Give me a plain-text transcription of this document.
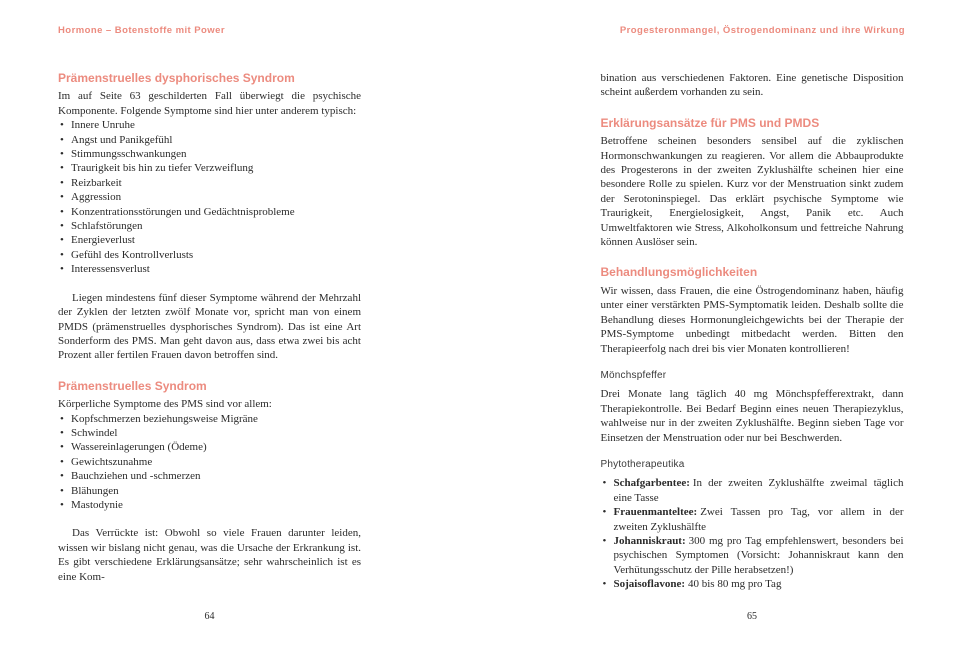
Hormone – Botenstoffe mit Power
Prämenstruelles dysphorisches Syndrom

Im auf Seite 63 geschilderten Fall überwiegt die psychische Komponente. Folgende Symptome sind hier unter anderem typisch:

• Innere Unruhe
• Angst und Panikgefühl
• Stimmungsschwankungen
• Traurigkeit bis hin zu tiefer Verzweiflung
• Reizbarkeit
• Aggression
• Konzentrationsstörungen und Gedächtnisprobleme
• Schlafstörungen
• Energieverlust
• Gefühl des Kontrollverlusts
• Interessensverlust

Liegen mindestens fünf dieser Symptome während der Mehrzahl der Zyklen der letzten zwölf Monate vor, spricht man von einem PMDS (prämenstruelles dysphorisches Syndrom). Das ist eine Art Sonderform des PMS. Man geht davon aus, dass etwa zwei bis acht Prozent aller fertilen Frauen davon betroffen sind.

Prämenstruelles Syndrom

Körperliche Symptome des PMS sind vor allem:

• Kopfschmerzen beziehungsweise Migräne
• Schwindel
• Wassereinlagerungen (Ödeme)
• Gewichtszunahme
• Bauchziehen und -schmerzen
• Blähungen
• Mastodynie

Das Verrückte ist: Obwohl so viele Frauen darunter leiden, wissen wir bislang nicht genau, was die Ursache der Erkrankung ist. Es gibt verschiedene Erklärungsansätze; sehr wahrscheinlich ist es eine Kom-

64
Progesteronmangel, Östrogendominanz und ihre Wirkung

bination aus verschiedenen Faktoren. Eine genetische Disposition scheint außerdem vorhanden zu sein.

Erklärungsansätze für PMS und PMDS

Betroffene scheinen besonders sensibel auf die zyklischen Hormonschwankungen zu reagieren. Vor allem die Abbauprodukte des Progesterons in der zweiten Zyklushälfte scheinen hier eine besondere Rolle zu spielen. Kurz vor der Menstruation sinkt zudem der Serotoninspiegel. Das erklärt psychische Symptome wie Traurigkeit, Energielosigkeit, Angst, Panik etc. Auch Umweltfaktoren wie Stress, Alkoholkonsum und fettreiche Nahrung können Auslöser sein.

Behandlungsmöglichkeiten

Wir wissen, dass Frauen, die eine Östrogendominanz haben, häufig unter einer verstärkten PMS-Symptomatik leiden. Deshalb sollte die Behandlung dieses Hormonungleichgewichts bei der Therapie der PMS-Symptome unbedingt mitbedacht werden. Bitten den Therapieerfolg nach drei bis vier Monaten kontrollieren!

Mönchspfeffer

Drei Monate lang täglich 40 mg Mönchspfefferextrakt, dann Therapiekontrolle. Bei Bedarf Beginn eines neuen Therapiezyklus, wahlweise nur in der zweiten Zyklushälfte. Beginn sieben Tage vor Einsetzen der Menstruation oder nur bei Beschwerden.

Phytotherapeutika
• Schafgarbentee: In der zweiten Zyklushälfte zweimal täglich eine Tasse
• Frauenmanteltee: Zwei Tassen pro Tag, vor allem in der zweiten Zyklushälfte
• Johanniskraut: 300 mg pro Tag empfehlenswert, besonders bei psychischen Symptomen (Vorsicht: Johanniskraut kann den Verhütungsschutz der Pille herabsetzen!)
• Sojaisoflavone: 40 bis 80 mg pro Tag
65
